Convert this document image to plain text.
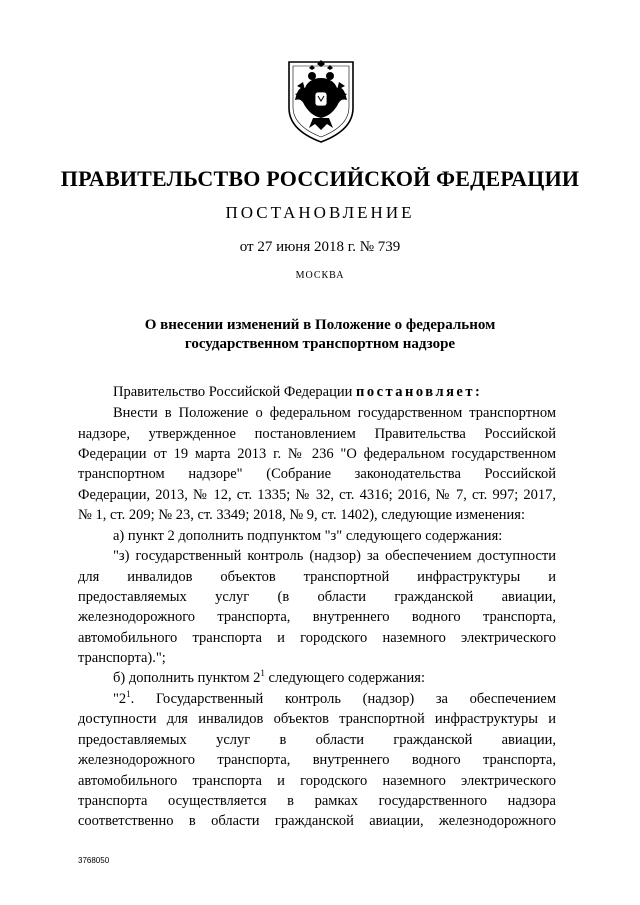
ПРАВИТЕЛЬСТВО РОССИЙСКОЙ ФЕДЕРАЦИИ
ПОСТАНОВЛЕНИЕ
от 27 июня 2018 г. № 739
МОСКВА
О внесении изменений в Положение о федеральном
государственном транспортном надзоре
Правительство Российской Федерации постановляет:
Внести в Положение о федеральном государственном транспортном
надзоре, утвержденное постановлением Правительства Российской
Федерации от 19 марта 2013 г. № 236 "О федеральном государственном
транспортном надзоре" (Собрание законодательства Российской
Федерации, 2013, № 12, ст. 1335; № 32, ст. 4316; 2016, № 7, ст. 997; 2017,
№ 1, ст. 209; № 23, ст. 3349; 2018, № 9, ст. 1402), следующие изменения:
а) пункт 2 дополнить подпунктом "з" следующего содержания:
"з) государственный контроль (надзор) за обеспечением доступности
для инвалидов объектов транспортной инфраструктуры и
предоставляемых услуг (в области гражданской авиации,
железнодорожного транспорта, внутреннего водного транспорта,
автомобильного транспорта и городского наземного электрического
транспорта).";
б) дополнить пунктом $2^1$ следующего содержания:
"$2^1$. Государственный контроль (надзор) за обеспечением
доступности для инвалидов объектов транспортной инфраструктуры и
предоставляемых услуг в области гражданской авиации,
железнодорожного транспорта, внутреннего водного транспорта,
автомобильного транспорта и городского наземного электрического
транспорта осуществляется в рамках государственного надзора
соответственно в области гражданской авиации, железнодорожного
3768050
